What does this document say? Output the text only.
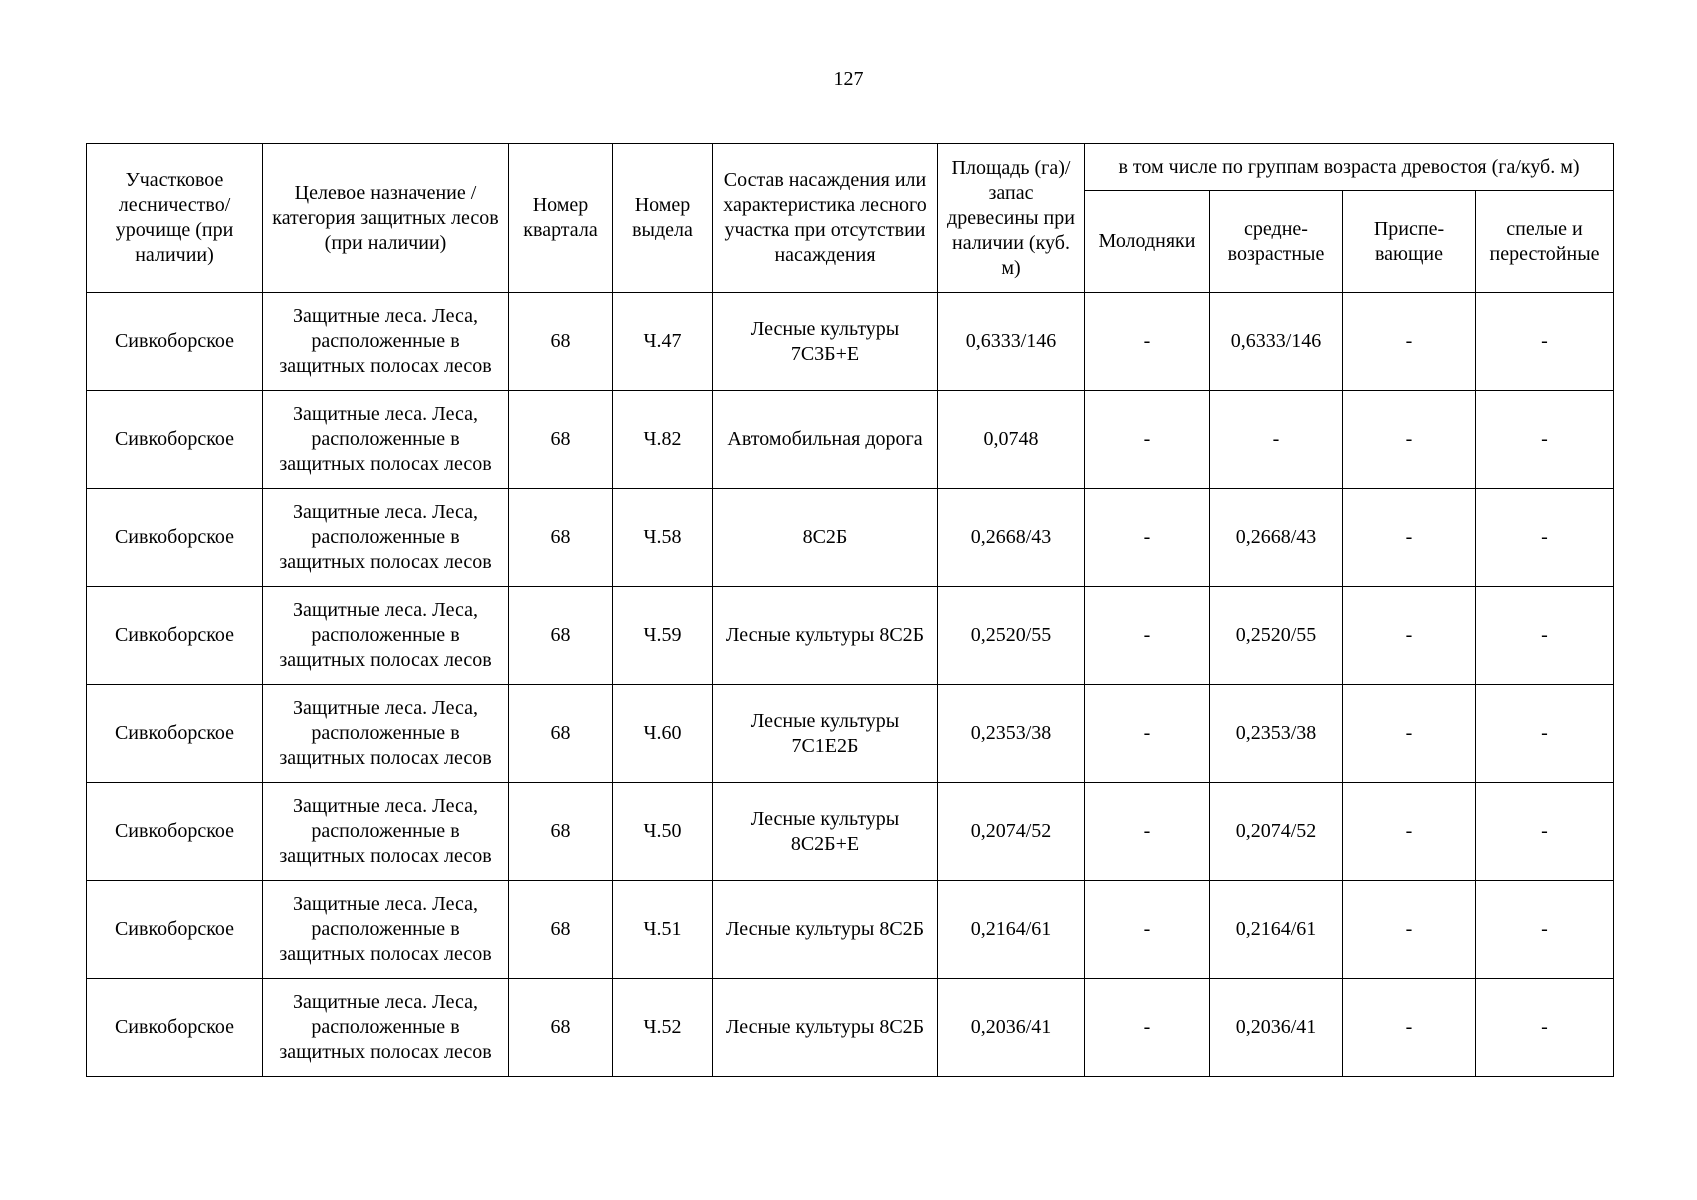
127
Участковое лесничество/ урочище (при наличии)	Целевое назначение / категория защитных лесов (при наличии)	Номер квартала	Номер выдела	Состав насаждения или характеристика лесного участка при отсутствии насаждения	Площадь (га)/ запас древесины при наличии (куб. м)	в том числе по группам возраста древостоя (га/куб. м)			
						Молодняки	средне-возрастные	Приспе-вающие	спелые и перестойные
Сивкоборское	Защитные леса. Леса, расположенные в защитных полосах лесов	68	Ч.47	Лесные культуры 7С3Б+Е	0,6333/146	-	0,6333/146	-	-
Сивкоборское	Защитные леса. Леса, расположенные в защитных полосах лесов	68	Ч.82	Автомобильная дорога	0,0748	-	-	-	-
Сивкоборское	Защитные леса. Леса, расположенные в защитных полосах лесов	68	Ч.58	8С2Б	0,2668/43	-	0,2668/43	-	-
Сивкоборское	Защитные леса. Леса, расположенные в защитных полосах лесов	68	Ч.59	Лесные культуры 8С2Б	0,2520/55	-	0,2520/55	-	-
Сивкоборское	Защитные леса. Леса, расположенные в защитных полосах лесов	68	Ч.60	Лесные культуры 7С1Е2Б	0,2353/38	-	0,2353/38	-	-
Сивкоборское	Защитные леса. Леса, расположенные в защитных полосах лесов	68	Ч.50	Лесные культуры 8С2Б+Е	0,2074/52	-	0,2074/52	-	-
Сивкоборское	Защитные леса. Леса, расположенные в защитных полосах лесов	68	Ч.51	Лесные культуры 8С2Б	0,2164/61	-	0,2164/61	-	-
Сивкоборское	Защитные леса. Леса, расположенные в защитных полосах лесов	68	Ч.52	Лесные культуры 8С2Б	0,2036/41	-	0,2036/41	-	-
